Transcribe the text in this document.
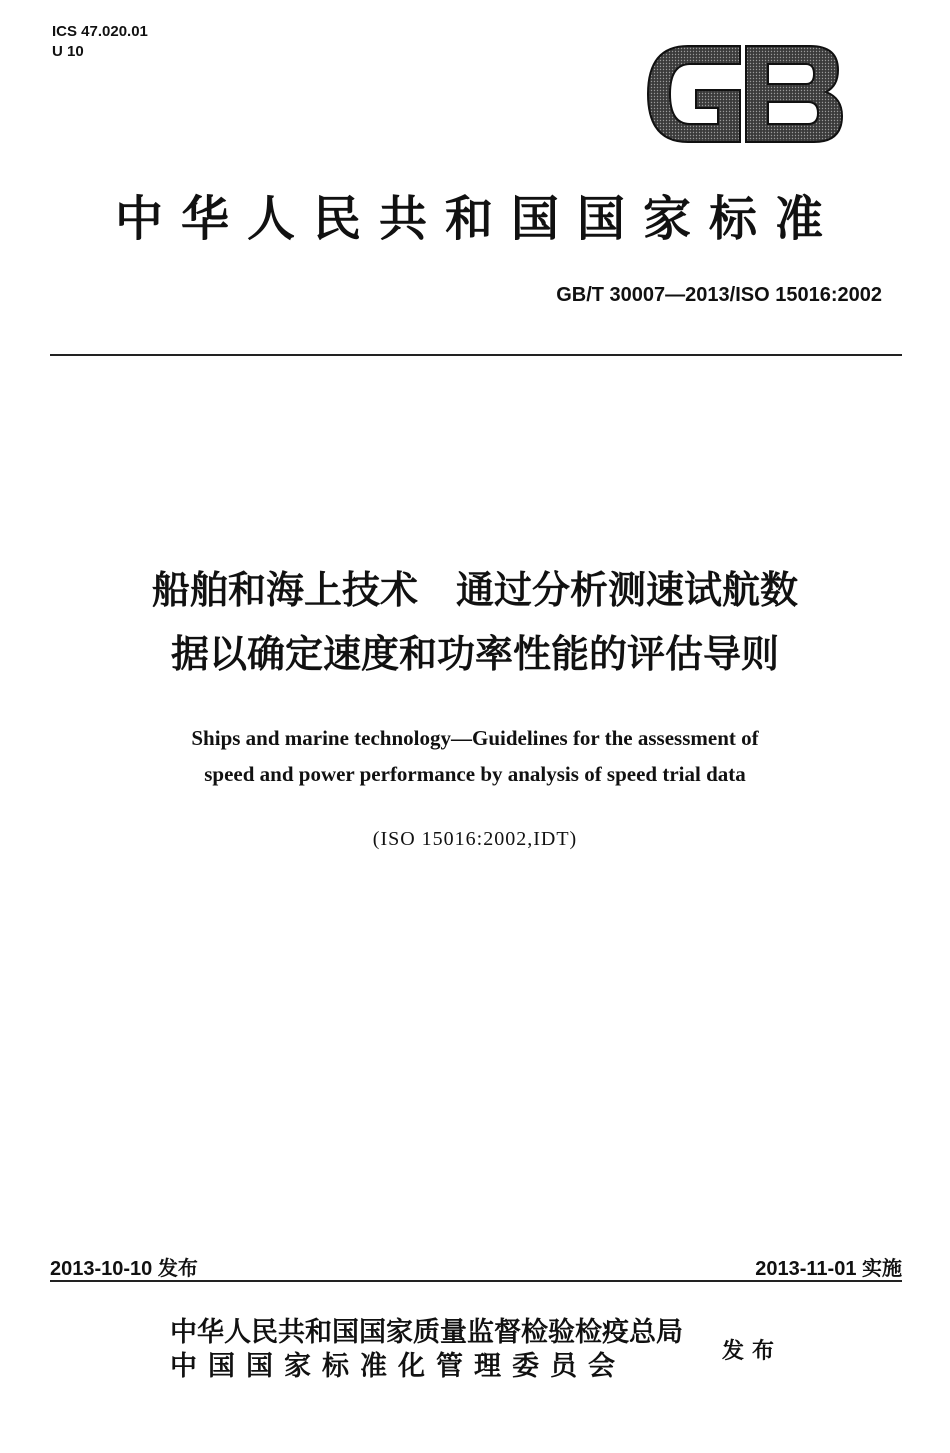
ICS 47.020.01
U 10
中华人民共和国国家标准
GB/T 30007—2013/ISO 15016:2002
船舶和海上技术　通过分析测速试航数
据以确定速度和功率性能的评估导则
Ships and marine technology—Guidelines for the assessment of
speed and power performance by analysis of speed trial data
(ISO 15016:2002,IDT)
2013-10-10 发布	2013-11-01 实施
中华人民共和国国家质量监督检验检疫总局
中国国家标准化管理委员会	发布
